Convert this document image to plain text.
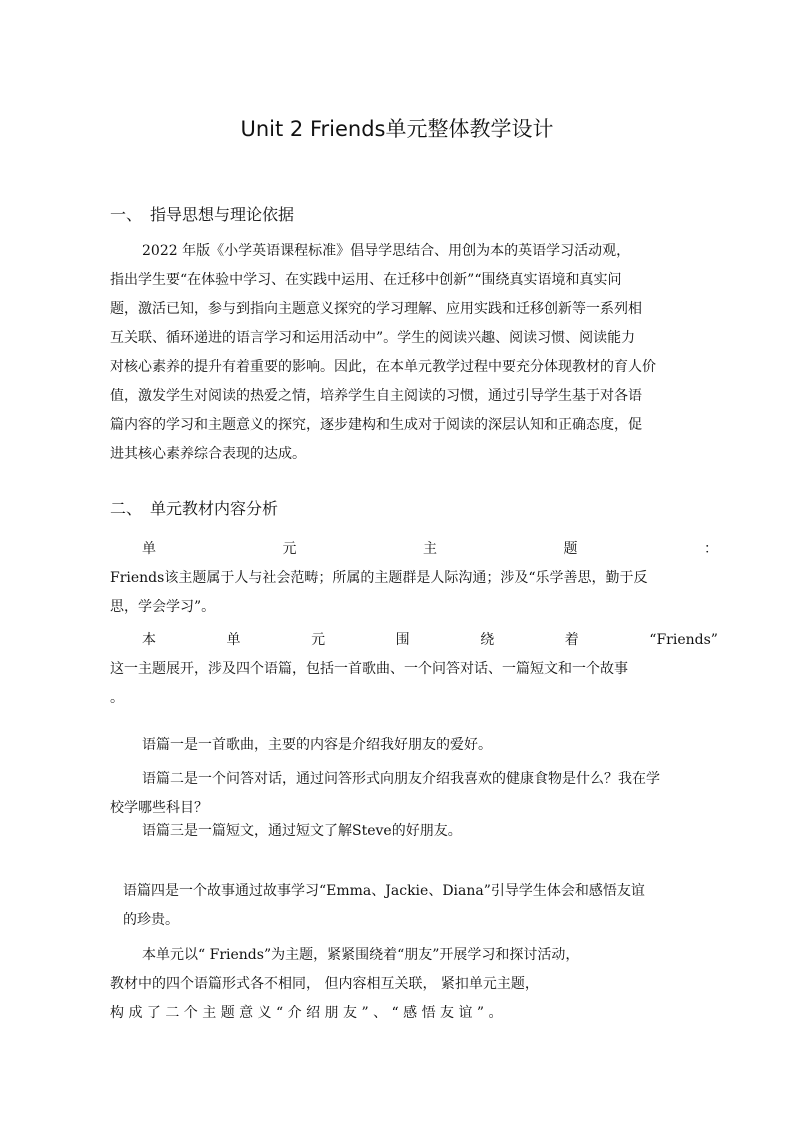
Unit 2 Friends单元整体教学设计
一、 指导思想与理论依据
2022 年版《小学英语课程标准》倡导学思结合、用创为本的英语学习活动观，
指出学生要“在体验中学习、在实践中运用、在迁移中创新”“围绕真实语境和真实问
题，激活已知，参与到指向主题意义探究的学习理解、应用实践和迁移创新等一系列相
互关联、循环递进的语言学习和运用活动中”。学生的阅读兴趣、阅读习惯、阅读能力
对核心素养的提升有着重要的影响。因此，在本单元教学过程中要充分体现教材的育人价
值，激发学生对阅读的热爱之情，培养学生自主阅读的习惯，通过引导学生基于对各语
篇内容的学习和主题意义的探究，逐步建构和生成对于阅读的深层认知和正确态度，促
进其核心素养综合表现的达成。
二、 单元教材内容分析
单	元	主	题	：
Friends该主题属于人与社会范畴；所属的主题群是人际沟通；涉及“乐学善思，勤于反
思，学会学习”。
本	单	元	围	绕	着	“Friends”
这一主题展开，涉及四个语篇，包括一首歌曲、一个问答对话、一篇短文和一个故事
。
语篇一是一首歌曲，主要的内容是介绍我好朋友的爱好。
语篇二是一个问答对话，通过问答形式向朋友介绍我喜欢的健康食物是什么？我在学
校学哪些科目？
语篇三是一篇短文，通过短文了解Steve的好朋友。
语篇四是一个故事通过故事学习“Emma、Jackie、Diana”引导学生体会和感悟友谊
的珍贵。
本单元以“ Friends”为主题，紧紧围绕着“朋友”开展学习和探讨活动，
教材中的四个语篇形式各不相同， 但内容相互关联， 紧扣单元主题，
构 成 了 二 个 主 题 意 义 “ 介 绍 朋 友 ” 、 “ 感 悟 友 谊 ” 。
